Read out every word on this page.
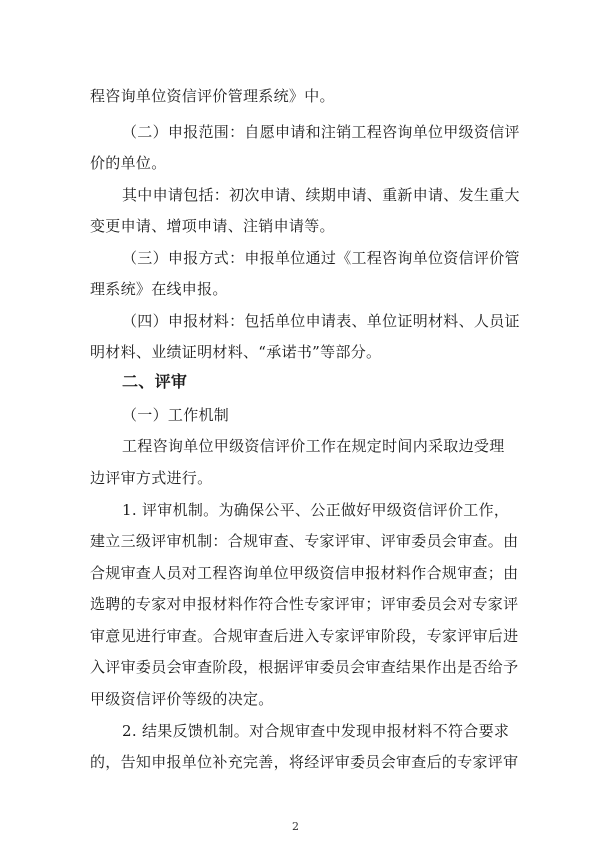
程咨询单位资信评价管理系统》中。
（二）申报范围：自愿申请和注销工程咨询单位甲级资信评
价的单位。
其中申请包括：初次申请、续期申请、重新申请、发生重大
变更申请、增项申请、注销申请等。
（三）申报方式：申报单位通过《工程咨询单位资信评价管
理系统》在线申报。
（四）申报材料：包括单位申请表、单位证明材料、人员证
明材料、业绩证明材料、“承诺书”等部分。
二、评审
（一）工作机制
工程咨询单位甲级资信评价工作在规定时间内采取边受理
边评审方式进行。
1. 评审机制。为确保公平、公正做好甲级资信评价工作，
建立三级评审机制：合规审查、专家评审、评审委员会审查。由
合规审查人员对工程咨询单位甲级资信申报材料作合规审查；由
选聘的专家对申报材料作符合性专家评审；评审委员会对专家评
审意见进行审查。合规审查后进入专家评审阶段，专家评审后进
入评审委员会审查阶段，根据评审委员会审查结果作出是否给予
甲级资信评价等级的决定。
2. 结果反馈机制。对合规审查中发现申报材料不符合要求
的，告知申报单位补充完善，将经评审委员会审查后的专家评审
2
